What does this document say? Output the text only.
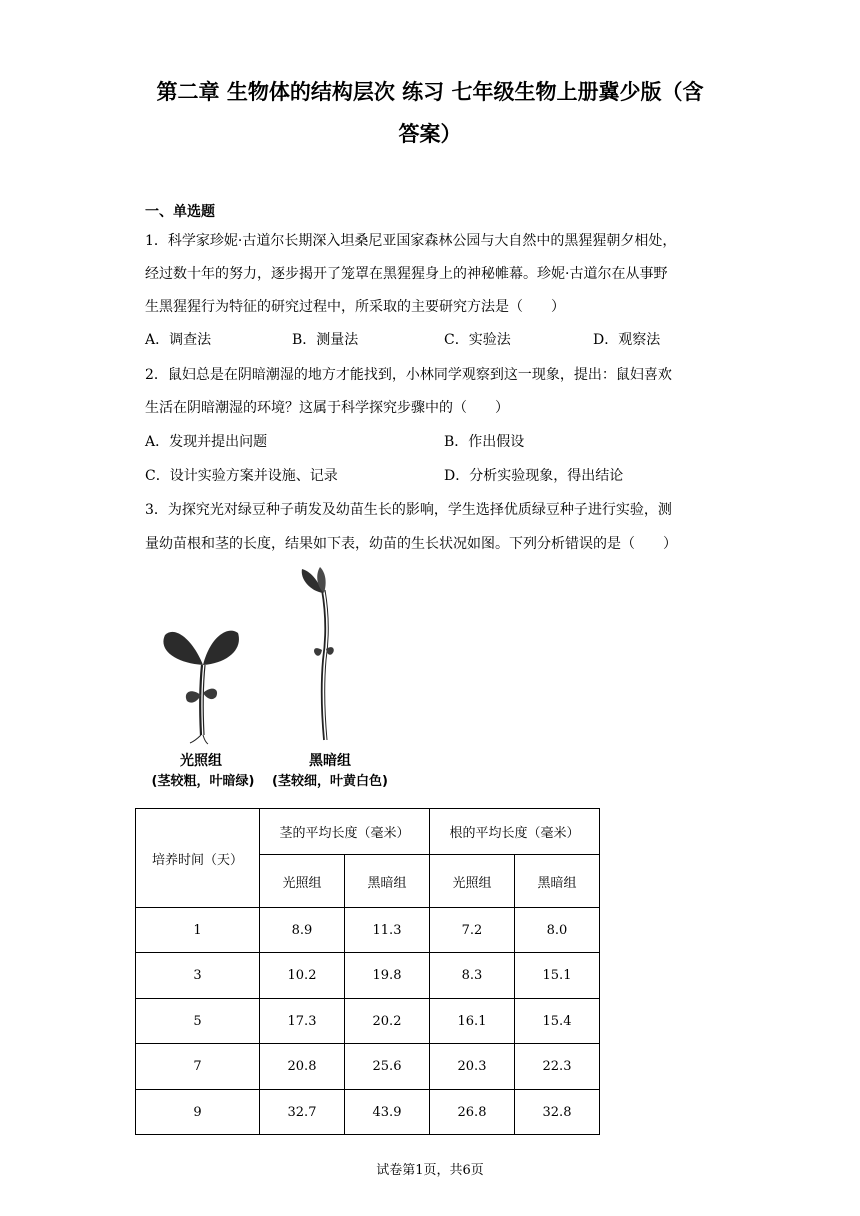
第二章 生物体的结构层次 练习 七年级生物上册冀少版（含
答案）
一、单选题
1．科学家珍妮·古道尔长期深入坦桑尼亚国家森林公园与大自然中的黑猩猩朝夕相处，
经过数十年的努力，逐步揭开了笼罩在黑猩猩身上的神秘帷幕。珍妮·古道尔在从事野
生黑猩猩行为特征的研究过程中，所采取的主要研究方法是（　　）
A．调查法	B．测量法	C．实验法	D．观察法
2．鼠妇总是在阴暗潮湿的地方才能找到，小林同学观察到这一现象，提出：鼠妇喜欢
生活在阴暗潮湿的环境？这属于科学探究步骤中的（　　）
A．发现并提出问题	B．作出假设
C．设计实验方案并设施、记录	D．分析实验现象，得出结论
3．为探究光对绿豆种子萌发及幼苗生长的影响，学生选择优质绿豆种子进行实验，测
量幼苗根和茎的长度，结果如下表，幼苗的生长状况如图。下列分析错误的是（　　）
光照组
(茎较粗，叶暗绿)
黑暗组
(茎较细，叶黄白色)
培养时间（天）	茎的平均长度（毫米）		根的平均长度（毫米）	
	光照组	黑暗组	光照组	黑暗组
1	8.9	11.3	7.2	8.0
3	10.2	19.8	8.3	15.1
5	17.3	20.2	16.1	15.4
7	20.8	25.6	20.3	22.3
9	32.7	43.9	26.8	32.8
试卷第1页，共6页
